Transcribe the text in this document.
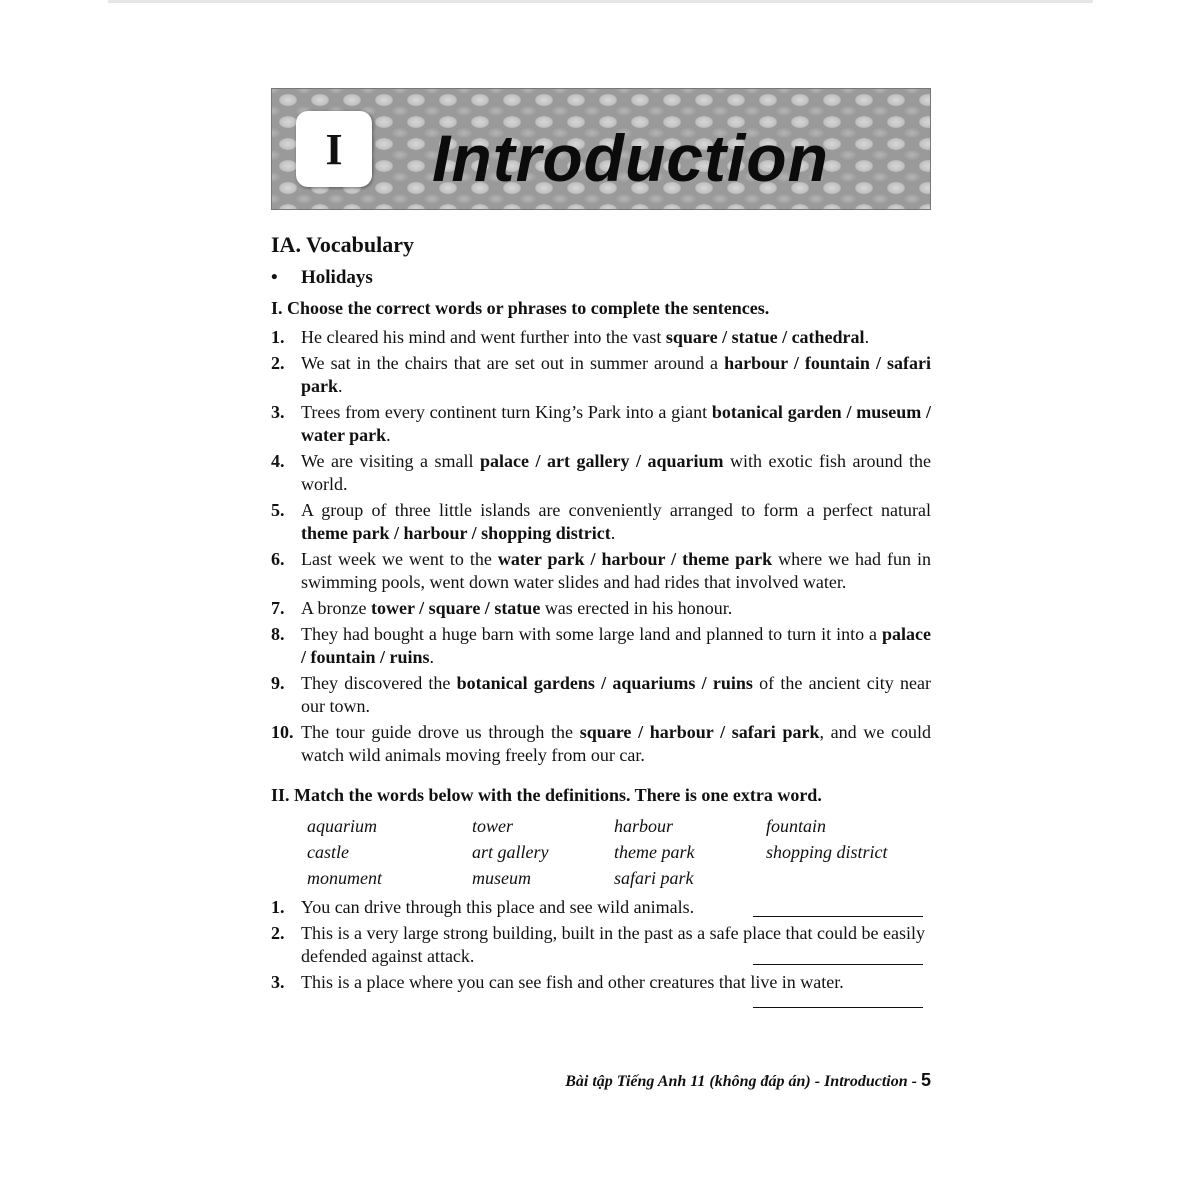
I	Introduction
IA. Vocabulary
• Holidays
I. Choose the correct words or phrases to complete the sentences.
1. He cleared his mind and went further into the vast square / statue / cathedral.
2. We sat in the chairs that are set out in summer around a harbour / fountain / safari park.
3. Trees from every continent turn King’s Park into a giant botanical garden / museum / water park.
4. We are visiting a small palace / art gallery / aquarium with exotic fish around the world.
5. A group of three little islands are conveniently arranged to form a perfect natural theme park / harbour / shopping district.
6. Last week we went to the water park / harbour / theme park where we had fun in swimming pools, went down water slides and had rides that involved water.
7. A bronze tower / square / statue was erected in his honour.
8. They had bought a huge barn with some large land and planned to turn it into a palace / fountain / ruins.
9. They discovered the botanical gardens / aquariums / ruins of the ancient city near our town.
10. The tour guide drove us through the square / harbour / safari park, and we could watch wild animals moving freely from our car.
II. Match the words below with the definitions. There is one extra word.
aquarium	tower	harbour	fountain
castle	art gallery	theme park	shopping district
monument	museum	safari park
1. You can drive through this place and see wild animals.
2. This is a very large strong building, built in the past as a safe place that could be easily defended against attack.
3. This is a place where you can see fish and other creatures that live in water.
Bài tập Tiếng Anh 11 (không đáp án) - Introduction - 5
